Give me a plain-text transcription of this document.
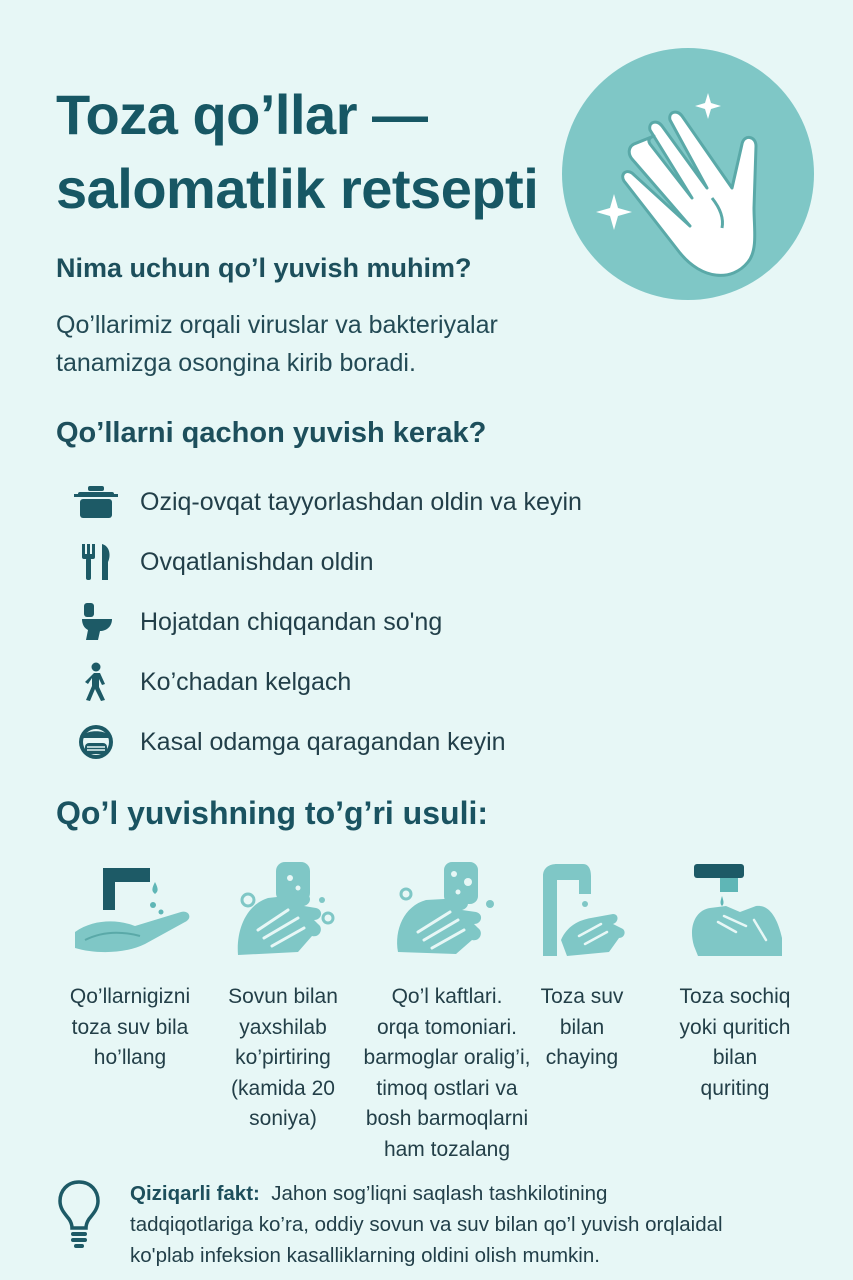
Toza qo’llar —
salomatlik retsepti
Nima uchun qo’l yuvish muhim?
Qo’llarimiz orqali viruslar va bakteriyalar
tanamizga osongina kirib boradi.
Qo’llarni qachon yuvish kerak?
Oziq-ovqat tayyorlashdan oldin va keyin
Ovqatlanishdan oldin
Hojatdan chiqqandan so'ng
Ko’chadan kelgach
Kasal odamga qaragandan keyin
Qo’l yuvishning to’g’ri usuli:
Qo’llarnigizni
toza suv bila
ho’llang
Sovun bilan
yaxshilab
ko’pirtiring
(kamida 20
soniya)
Qo’l kaftlari.
orqa tomoniari.
barmoglar oralig’i,
timoq ostlari va
bosh barmoqlarni
ham tozalang
Toza suv
bilan
chaying
Toza sochiq
yoki quritich
bilan
quriting
Qiziqarli fakt: Jahon sog’liqni saqlash tashkilotining
tadqiqotlariga ko’ra, oddiy sovun va suv bilan qo’l yuvish orqlaidal
ko'plab infeksion kasalliklarning oldini olish mumkin.
